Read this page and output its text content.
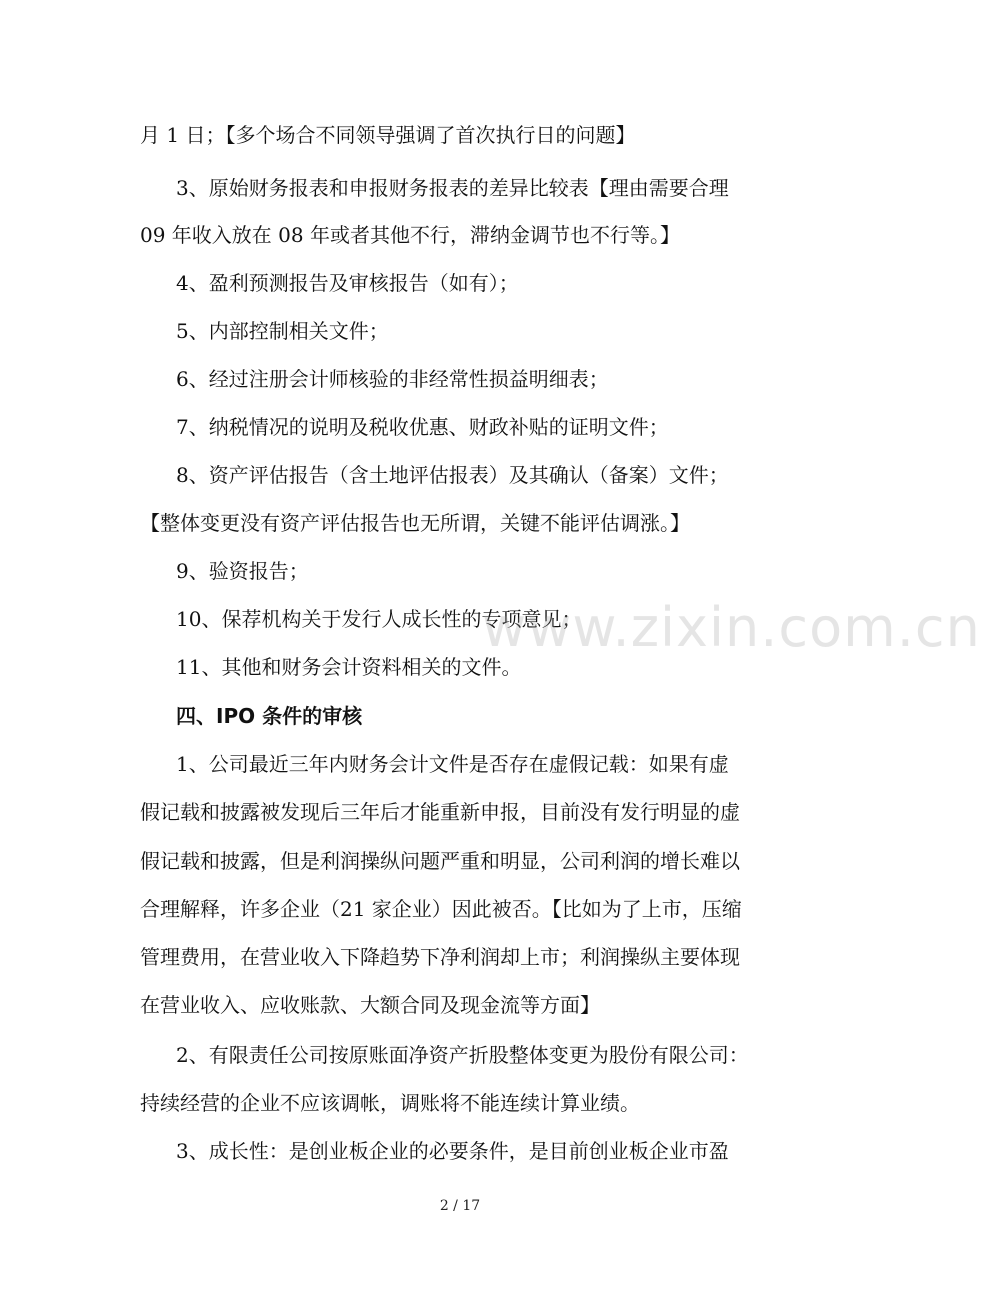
月 1 日；【多个场合不同领导强调了首次执行日的问题】
3、原始财务报表和申报财务报表的差异比较表【理由需要合理
09 年收入放在 08 年或者其他不行，滞纳金调节也不行等。】
4、盈利预测报告及审核报告（如有）；
5、内部控制相关文件；
6、经过注册会计师核验的非经常性损益明细表；
7、纳税情况的说明及税收优惠、财政补贴的证明文件；
8、资产评估报告（含土地评估报表）及其确认（备案）文件；
【整体变更没有资产评估报告也无所谓，关键不能评估调涨。】
9、验资报告；
10、保荐机构关于发行人成长性的专项意见；
11、其他和财务会计资料相关的文件。
四、IPO 条件的审核
1、公司最近三年内财务会计文件是否存在虚假记载：如果有虚
假记载和披露被发现后三年后才能重新申报，目前没有发行明显的虚
假记载和披露，但是利润操纵问题严重和明显，公司利润的增长难以
合理解释，许多企业（21 家企业）因此被否。【比如为了上市，压缩
管理费用，在营业收入下降趋势下净利润却上市；利润操纵主要体现
在营业收入、应收账款、大额合同及现金流等方面】
2、有限责任公司按原账面净资产折股整体变更为股份有限公司：
持续经营的企业不应该调帐，调账将不能连续计算业绩。
3、成长性：是创业板企业的必要条件，是目前创业板企业市盈
www.zixin.com.cn
2 / 17
